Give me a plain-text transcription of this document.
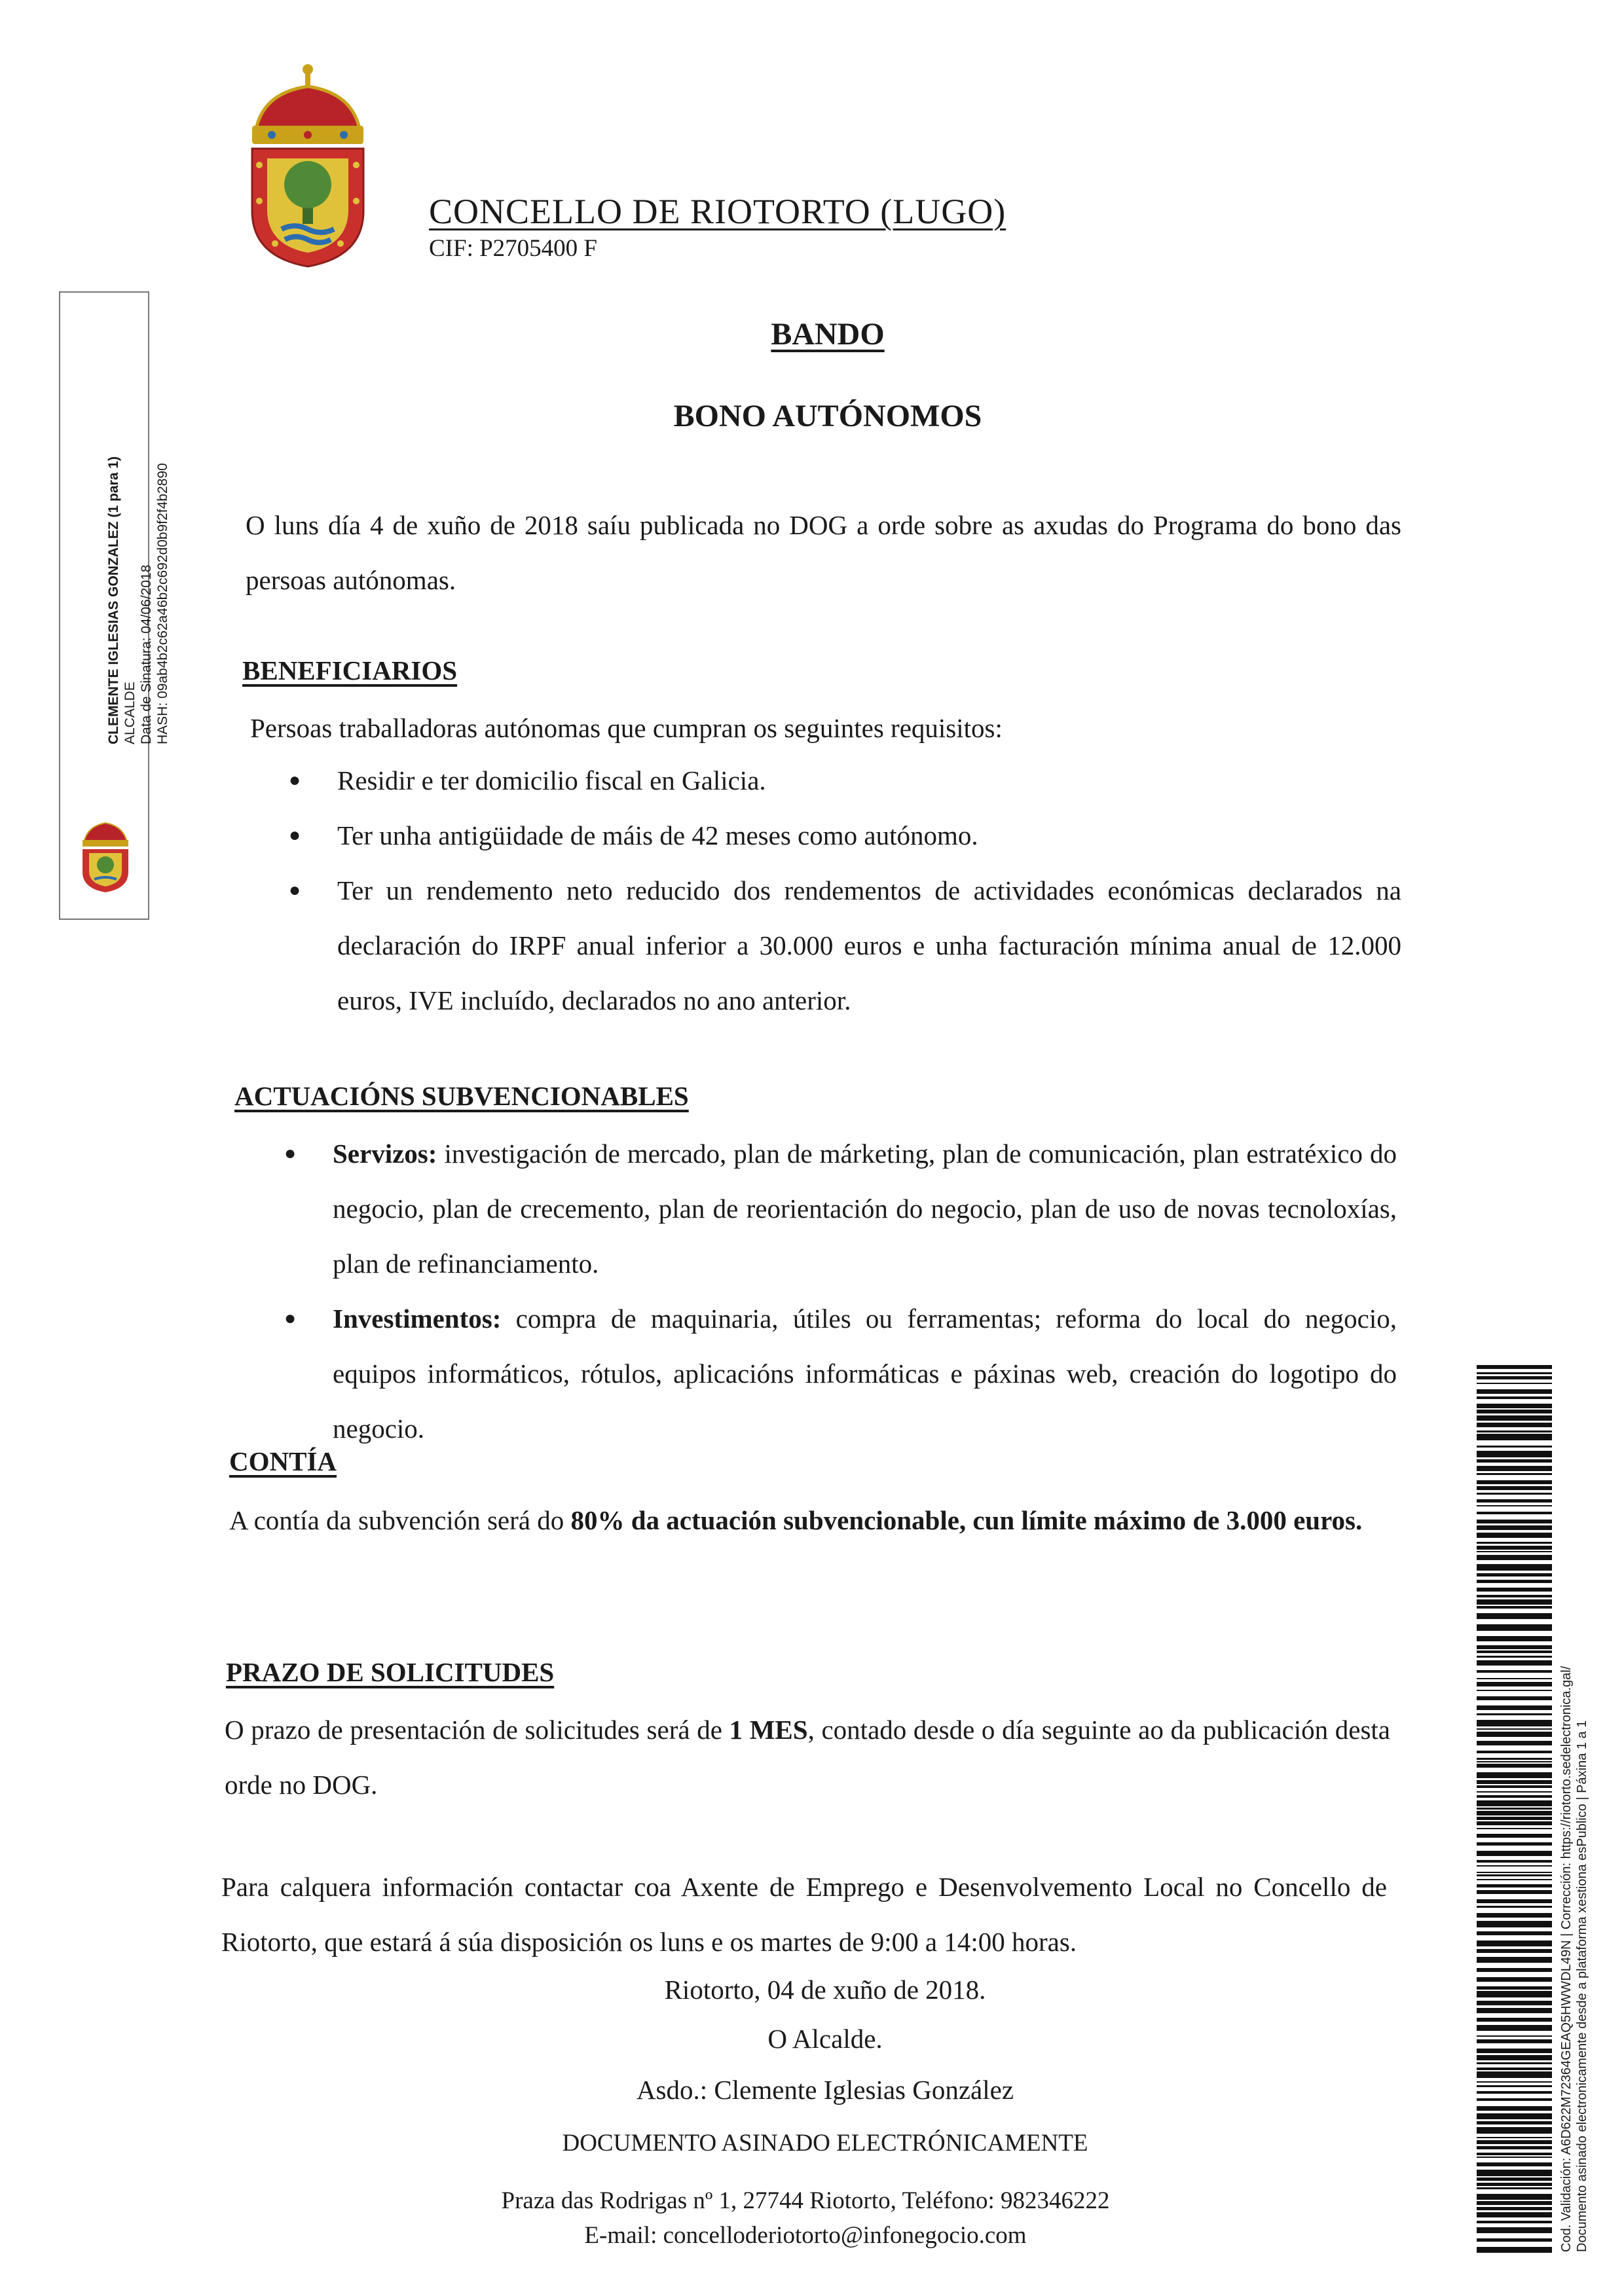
CONCELLO DE RIOTORTO (LUGO)
CIF: P2705400 F
BANDO
BONO AUTÓNOMOS
O luns día 4 de xuño de 2018 saíu publicada no DOG a orde sobre as axudas do Programa do bono das persoas autónomas.
BENEFICIARIOS
Persoas traballadoras autónomas que cumpran os seguintes requisitos:
● Residir e ter domicilio fiscal en Galicia.
● Ter unha antigüidade de máis de 42 meses como autónomo.
● Ter un rendemento neto reducido dos rendementos de actividades económicas declarados na declaración do IRPF anual inferior a 30.000 euros e unha facturación mínima anual de 12.000 euros, IVE incluído, declarados no ano anterior.
ACTUACIÓNS SUBVENCIONABLES
● Servizos: investigación de mercado, plan de márketing, plan de comunicación, plan estratéxico do negocio, plan de crecemento, plan de reorientación do negocio, plan de uso de novas tecnoloxías, plan de refinanciamento.
● Investimentos: compra de maquinaria, útiles ou ferramentas; reforma do local do negocio, equipos informáticos, rótulos, aplicacións informáticas e páxinas web, creación do logotipo do negocio.
CONTÍA
A contía da subvención será do 80% da actuación subvencionable, cun límite máximo de 3.000 euros.
PRAZO DE SOLICITUDES
O prazo de presentación de solicitudes será de 1 MES, contado desde o día seguinte ao da publicación desta orde no DOG.
Para calquera información contactar coa Axente de Emprego e Desenvolvemento Local no Concello de Riotorto, que estará á súa disposición os luns e os martes de 9:00 a 14:00 horas.
Riotorto, 04 de xuño de 2018.
O Alcalde.
Asdo.: Clemente Iglesias González
DOCUMENTO ASINADO ELECTRÓNICAMENTE
Praza das Rodrigas nº 1, 27744 Riotorto, Teléfono: 982346222
E-mail: concelloderiotorto@infonegocio.com
CLEMENTE IGLESIAS GONZALEZ (1 para 1) ALCALDE Data de Sinatura: 04/06/2018 HASH: 09ab4b2c62a46b2c692d0b9f2f4b2890
Cod. Validación: A6D622M72364GEAQ5HWWDL49N | Corrección: https://riotorto.sedelectronica.gal/ Documento asinado electronicamente desde a plataforma xestiona esPublico | Páxina 1 a 1
